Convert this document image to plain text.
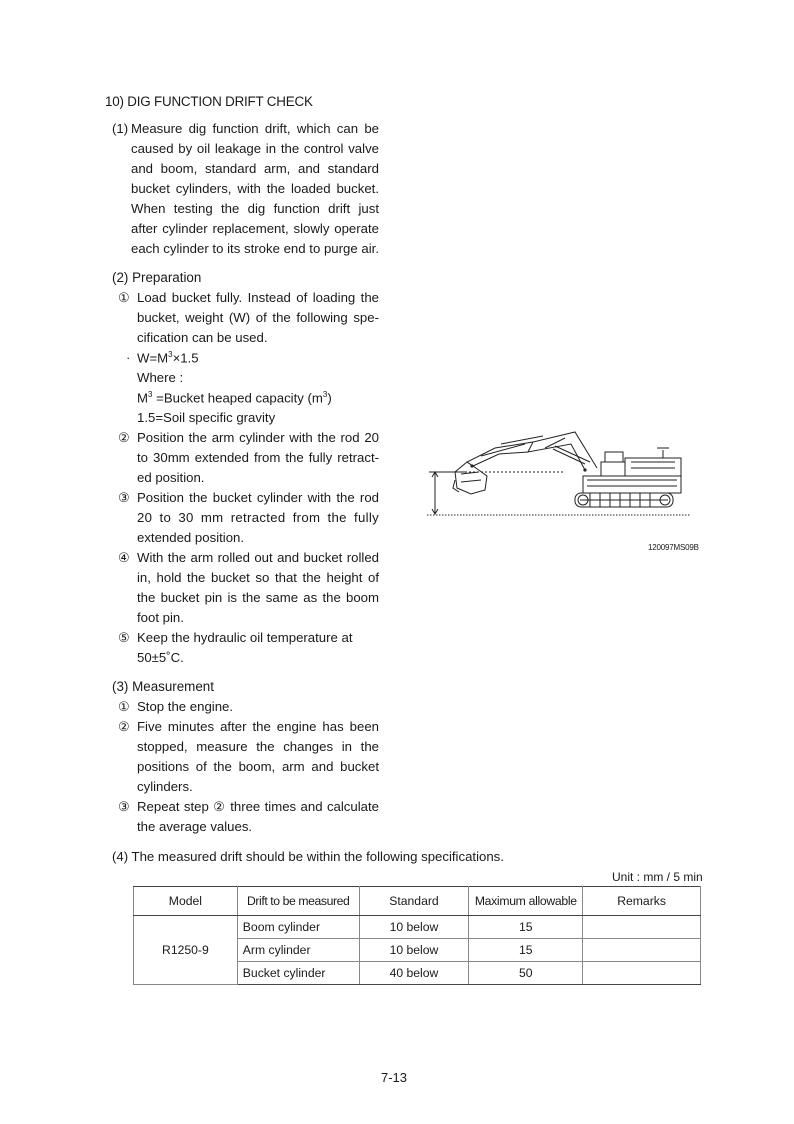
10) DIG FUNCTION DRIFT CHECK
(1) Measure dig function drift, which can be
caused by oil leakage in the control valve
and boom, standard arm, and standard
bucket cylinders, with the loaded bucket.
When testing the dig function drift just
after cylinder replacement, slowly operate
each cylinder to its stroke end to purge air.
(2) Preparation
① Load bucket fully. Instead of loading the
bucket, weight (W) of the following spe-
cification can be used.
· $W=M^3\times 1.5$
Where :
$M^3$ =Bucket heaped capacity $(m^3)$
1.5=Soil specific gravity
② Position the arm cylinder with the rod 20
to 30mm extended from the fully retract-
ed position.
③ Position the bucket cylinder with the rod
20 to 30 mm retracted from the fully
extended position.
④ With the arm rolled out and bucket rolled
in, hold the bucket so that the height of
the bucket pin is the same as the boom
foot pin.
⑤ Keep the hydraulic oil temperature at
50±5˚C.
(3) Measurement
① Stop the engine.
② Five minutes after the engine has been
stopped, measure the changes in the
positions of the boom, arm and bucket
cylinders.
③ Repeat step ② three times and calculate
the average values.
(4) The measured drift should be within the following specifications.
120097MS09B
Unit : mm / 5 min
Model	Drift to be measured	Standard	Maximum allowable	Remarks
R1250-9	Boom cylinder	10 below	15	
	Arm cylinder	10 below	15	
	Bucket cylinder	40 below	50	
7-13
